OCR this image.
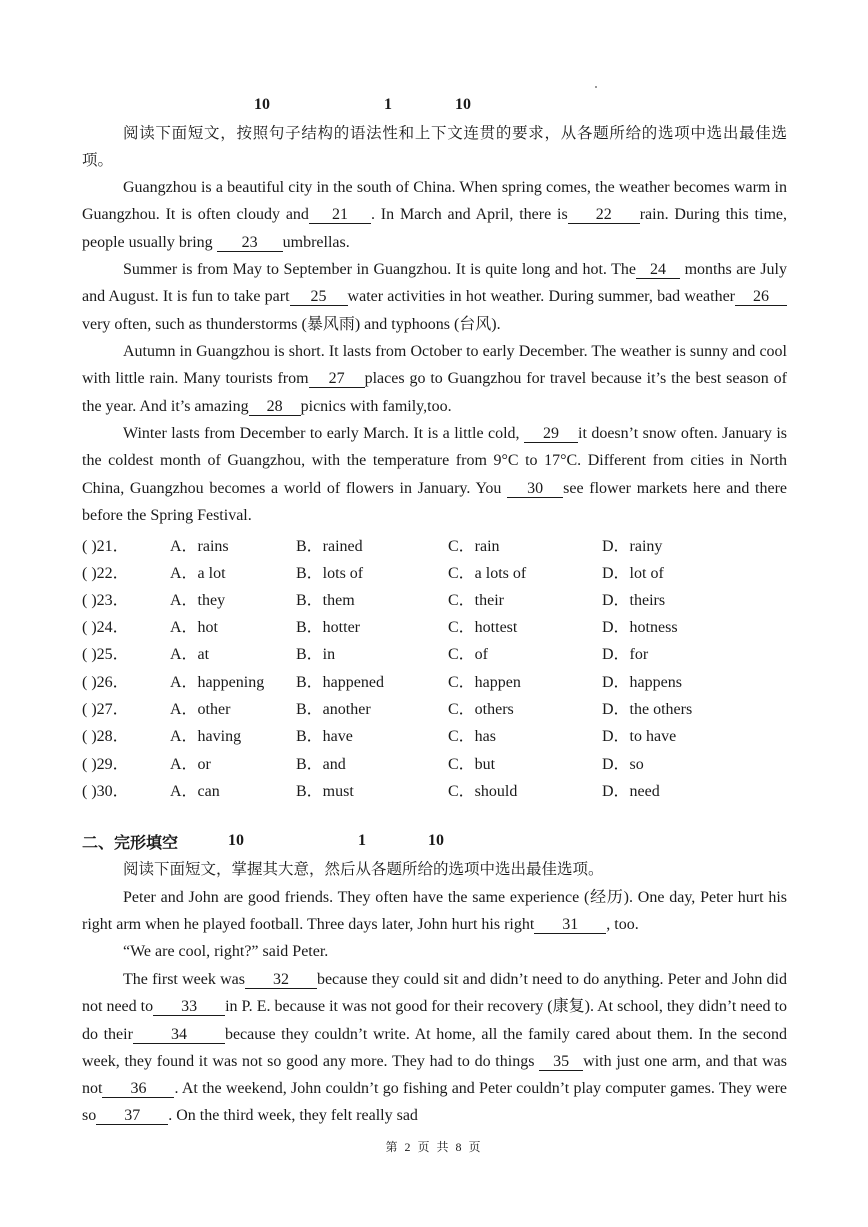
10	1	10

阅读下面短文，按照句子结构的语法性和上下文连贯的要求，从各题所给的选项中选出最佳选项。

Guangzhou is a beautiful city in the south of China. When spring comes, the weather becomes warm in Guangzhou. It is often cloudy and 21 . In March and April, there is 22 rain. During this time, people usually bring 23 umbrellas.

Summer is from May to September in Guangzhou. It is quite long and hot. The 24 months are July and August. It is fun to take part 25 water activities in hot weather. During summer, bad weather 26very often, such as thunderstorms (暴风雨) and typhoons (台风).

Autumn in Guangzhou is short. It lasts from October to early December. The weather is sunny and cool with little rain. Many tourists from 27 places go to Guangzhou for travel because it’s the best season of the year. And it’s amazing 28 picnics with family,too.

Winter lasts from December to early March. It is a little cold, 29 it doesn’t snow often. January is the coldest month of Guangzhou, with the temperature from 9°C to 17°C. Different from cities in North China, Guangzhou becomes a world of flowers in January. You 30 see flower markets here and there before the Spring Festival.

( )21．	A．rains	B．rained	C．rain	D．rainy
( )22．	A．a lot	B．lots of	C．a lots of	D．lot of
( )23．	A．they	B．them	C．their	D．theirs
( )24．	A．hot	B．hotter	C．hottest	D．hotness
( )25．	A．at	B．in	C．of	D．for
( )26．	A．happening B．happened	C．happen	D．happens
( )27．	A．other	B．another	C．others	D．the others
( )28．	A．having	B．have	C．has	D．to have
( )29．	A．or	B．and	C．but	D．so
( )30．	A．can	B．must	C．should	D．need
二、完形填空	10	1	10

阅读下面短文，掌握其大意，然后从各题所给的选项中选出最佳选项。

Peter and John are good friends. They often have the same experience (经历). One day, Peter hurt his right arm when he played football. Three days later, John hurt his right 31 , too.

“We are cool, right?” said Peter.

The first week was 32 because they could sit and didn’t need to do anything. Peter and John did not need to 33 in P. E. because it was not good for their recovery (康复). At school, they didn’t need to do their 34 because they couldn’t write. At home, all the family cared about them. In the second week, they found it was not so good any more. They had to do things 35 with just one arm, and that was not 36 . At the weekend, John couldn’t go fishing and Peter couldn’t play computer games. They were so 37 . On the third week, they felt really sad

第 2 页 共 8 页
